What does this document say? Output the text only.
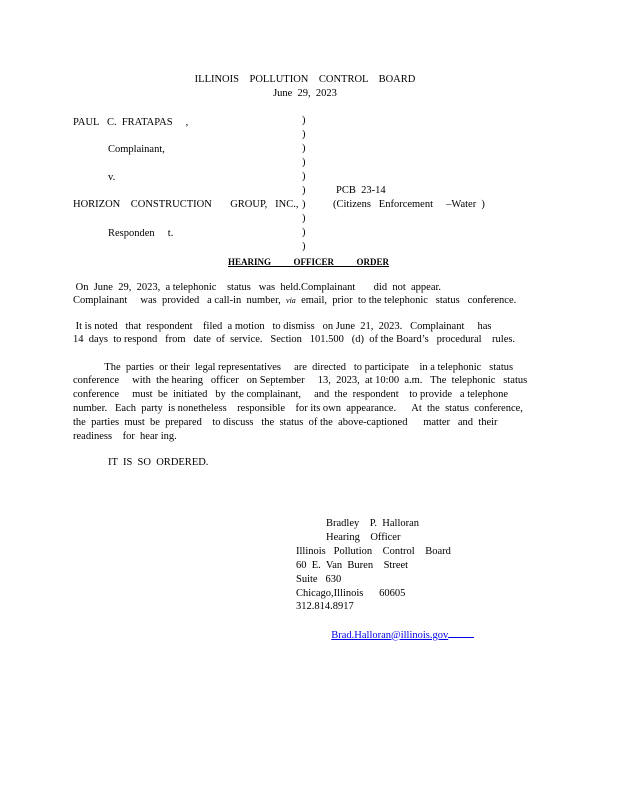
ILLINOIS    POLLUTION    CONTROL    BOARD
June  29,  2023
PAUL   C.  FRATAPAS     ,
Complainant,
v.
HORIZON    CONSTRUCTION       GROUP,   INC.,
Responden     t.
)
)
)
)
)
)
)
)
)
)
PCB  23-14
(Citizens   Enforcement     –Water  )
HEARING          OFFICER          ORDER
On  June  29,  2023,  a telephonic    status   was  held.Complainant       did  not  appear.
Complainant     was  provided   a call-in  number,  via  email,  prior  to the telephonic   status   conference.
It is noted   that  respondent    filed  a motion   to dismiss   on June  21,  2023.   Complainant     has
14  days  to respond   from   date  of  service.   Section   101.500   (d)  of the Board’s   procedural    rules.
The  parties  or their  legal representatives     are  directed   to participate    in a telephonic   status
conference     with  the hearing   officer   on September     13,  2023,  at 10:00  a.m.   The  telephonic   status
conference     must  be  initiated   by  the complainant,     and  the  respondent    to provide   a telephone
number.   Each  party  is nonetheless    responsible    for its own  appearance.      At  the  status  conference,
the  parties  must  be  prepared    to discuss   the  status  of the  above-captioned      matter   and  their
readiness    for  hear ing.
IT  IS  SO  ORDERED.
Bradley    P.  Halloran
Hearing    Officer
Illinois   Pollution    Control    Board
60  E.  Van  Buren    Street
Suite   630
Chicago,Illinois      60605
312.814.8917

Brad.Halloran@illinois.gov
